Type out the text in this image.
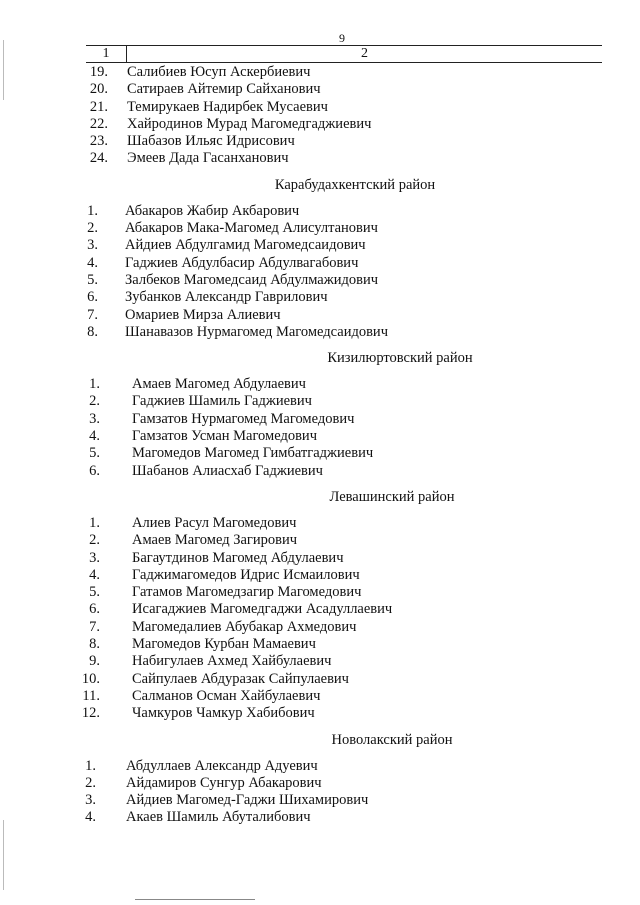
9
1	2
19. Салибиев Юсуп Аскербиевич
20. Сатираев Айтемир Сайханович
21. Темирукаев Надирбек Мусаевич
22. Хайродинов Мурад Магомедгаджиевич
23. Шабазов Ильяс Идрисович
24. Эмеев Дада Гасанханович
Карабудахкентский район
1. Абакаров Жабир Акбарович
2. Абакаров Мака-Магомед Алисултанович
3. Айдиев Абдулгамид Магомедсаидович
4. Гаджиев Абдулбасир Абдулвагабович
5. Залбеков Магомедсаид Абдулмажидович
6. Зубанков Александр Гаврилович
7. Омариев Мирза Алиевич
8. Шанавазов Нурмагомед Магомедсаидович
Кизилюртовский район
1. Амаев Магомед Абдулаевич
2. Гаджиев Шамиль Гаджиевич
3. Гамзатов Нурмагомед Магомедович
4. Гамзатов Усман Магомедович
5. Магомедов Магомед Гимбатгаджиевич
6. Шабанов Алиасхаб Гаджиевич
Левашинский район
1. Алиев Расул Магомедович
2. Амаев Магомед Загирович
3. Багаутдинов Магомед Абдулаевич
4. Гаджимагомедов Идрис Исмаилович
5. Гатамов Магомедзагир Магомедович
6. Исагаджиев Магомедгаджи Асадуллаевич
7. Магомедалиев Абубакар Ахмедович
8. Магомедов Курбан Мамаевич
9. Набигулаев Ахмед Хайбулаевич
10. Сайпулаев Абдуразак Сайпулаевич
11. Салманов Осман Хайбулаевич
12. Чамкуров Чамкур Хабибович
Новолакский район
1. Абдуллаев Александр Адуевич
2. Айдамиров Сунгур Абакарович
3. Айдиев Магомед-Гаджи Шихамирович
4. Акаев Шамиль Абуталибович
